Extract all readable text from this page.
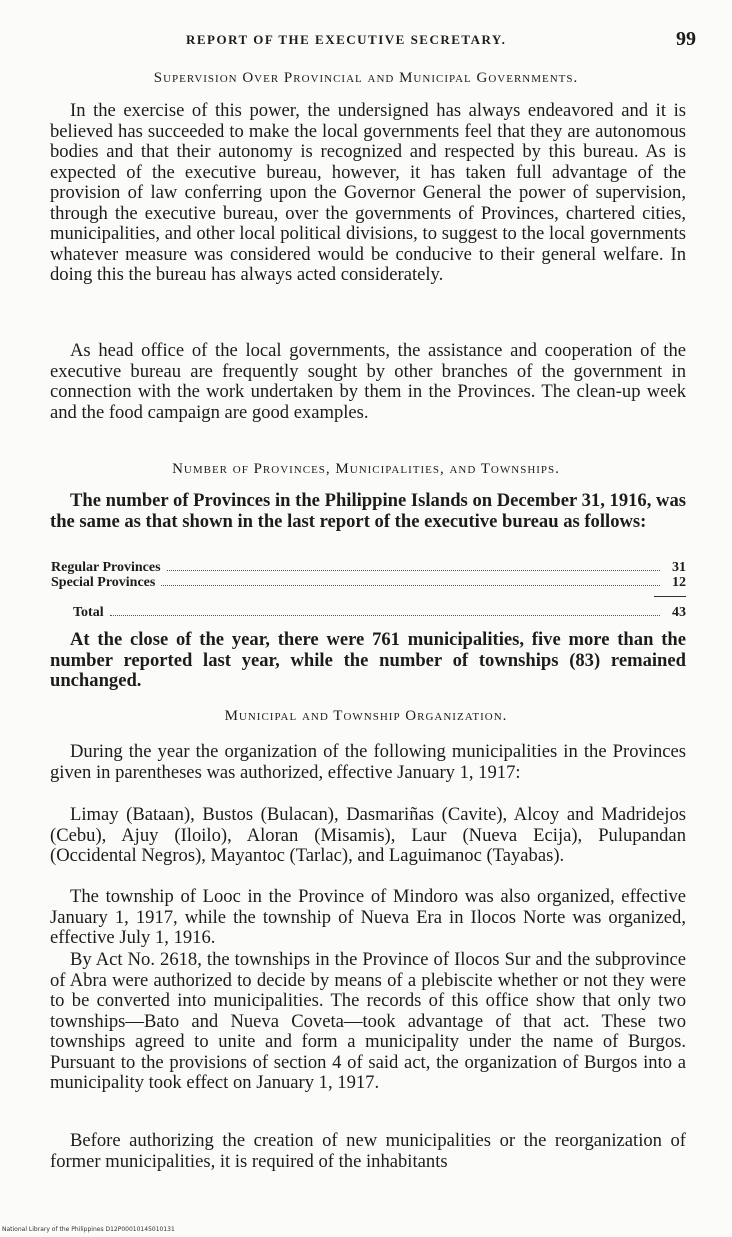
REPORT OF THE EXECUTIVE SECRETARY.	99
Supervision Over Provincial and Municipal Governments.

In the exercise of this power, the undersigned has always endeavored and it is believed has succeeded to make the local governments feel that they are autonomous bodies and that their autonomy is recognized and respected by this bureau. As is expected of the executive bureau, however, it has taken full advantage of the provision of law conferring upon the Governor General the power of supervision, through the executive bureau, over the governments of Provinces, chartered cities, municipalities, and other local political divisions, to suggest to the local governments whatever measure was considered would be conducive to their general welfare. In doing this the bureau has always acted considerately.

As head office of the local governments, the assistance and cooperation of the executive bureau are frequently sought by other branches of the government in connection with the work undertaken by them in the Provinces. The clean-up week and the food campaign are good examples.

Number of Provinces, Municipalities, and Townships.

The number of Provinces in the Philippine Islands on December 31, 1916, was the same as that shown in the last report of the executive bureau as follows:

Regular Provinces	31
Special Provinces	12
Total	43

At the close of the year, there were 761 municipalities, five more than the number reported last year, while the number of townships (83) remained unchanged.

Municipal and Township Organization.

During the year the organization of the following municipalities in the Provinces given in parentheses was authorized, effective January 1, 1917:

Limay (Bataan), Bustos (Bulacan), Dasmariñas (Cavite), Alcoy and Madridejos (Cebu), Ajuy (Iloilo), Aloran (Misamis), Laur (Nueva Ecija), Pulupandan (Occidental Negros), Mayantoc (Tarlac), and Laguimanoc (Tayabas).

The township of Looc in the Province of Mindoro was also organized, effective January 1, 1917, while the township of Nueva Era in Ilocos Norte was organized, effective July 1, 1916.

By Act No. 2618, the townships in the Province of Ilocos Sur and the subprovince of Abra were authorized to decide by means of a plebiscite whether or not they were to be converted into municipalities. The records of this office show that only two townships—Bato and Nueva Coveta—took advantage of that act. These two townships agreed to unite and form a municipality under the name of Burgos. Pursuant to the provisions of section 4 of said act, the organization of Burgos into a municipality took effect on January 1, 1917.

Before authorizing the creation of new municipalities or the reorganization of former municipalities, it is required of the inhabitants

National Library of the Philippines D12P00010145010131
